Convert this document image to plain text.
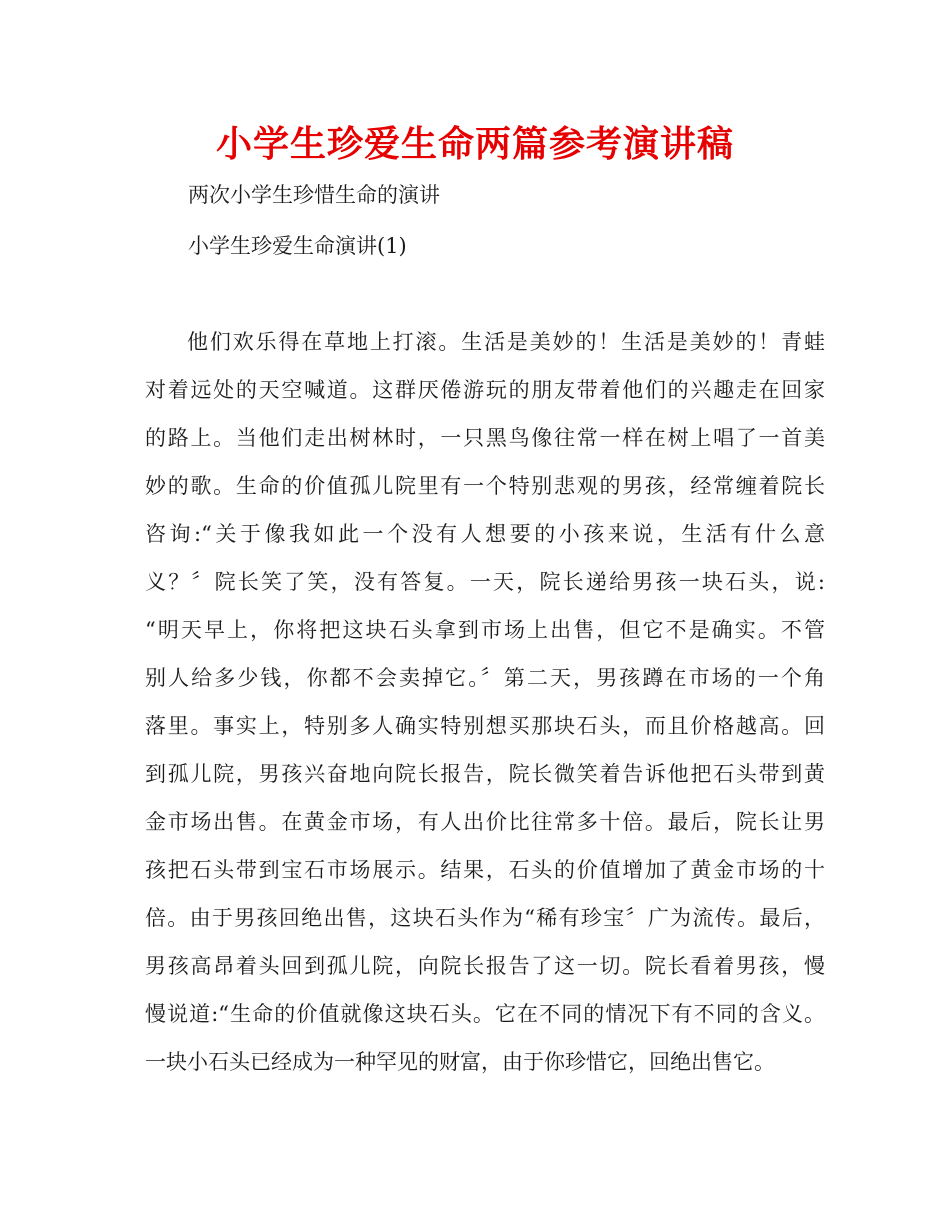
小学生珍爱生命两篇参考演讲稿

两次小学生珍惜生命的演讲

小学生珍爱生命演讲(1)

他们欢乐得在草地上打滚。生活是美妙的！生活是美妙的！青蛙
对着远处的天空喊道。这群厌倦游玩的朋友带着他们的兴趣走在回家
的路上。当他们走出树林时，一只黑鸟像往常一样在树上唱了一首美
妙的歌。生命的价值孤儿院里有一个特别悲观的男孩，经常缠着院长
咨询:“关于像我如此一个没有人想要的小孩来说，生活有什么意
义？〞院长笑了笑，没有答复。一天，院长递给男孩一块石头，说:
“明天早上，你将把这块石头拿到市场上出售，但它不是确实。不管
别人给多少钱，你都不会卖掉它。〞第二天，男孩蹲在市场的一个角
落里。事实上，特别多人确实特别想买那块石头，而且价格越高。回
到孤儿院，男孩兴奋地向院长报告，院长微笑着告诉他把石头带到黄
金市场出售。在黄金市场，有人出价比往常多十倍。最后，院长让男
孩把石头带到宝石市场展示。结果，石头的价值增加了黄金市场的十
倍。由于男孩回绝出售，这块石头作为“稀有珍宝〞广为流传。最后，
男孩高昂着头回到孤儿院，向院长报告了这一切。院长看着男孩，慢
慢说道:“生命的价值就像这块石头。它在不同的情况下有不同的含义。
一块小石头已经成为一种罕见的财富，由于你珍惜它，回绝出售它。
